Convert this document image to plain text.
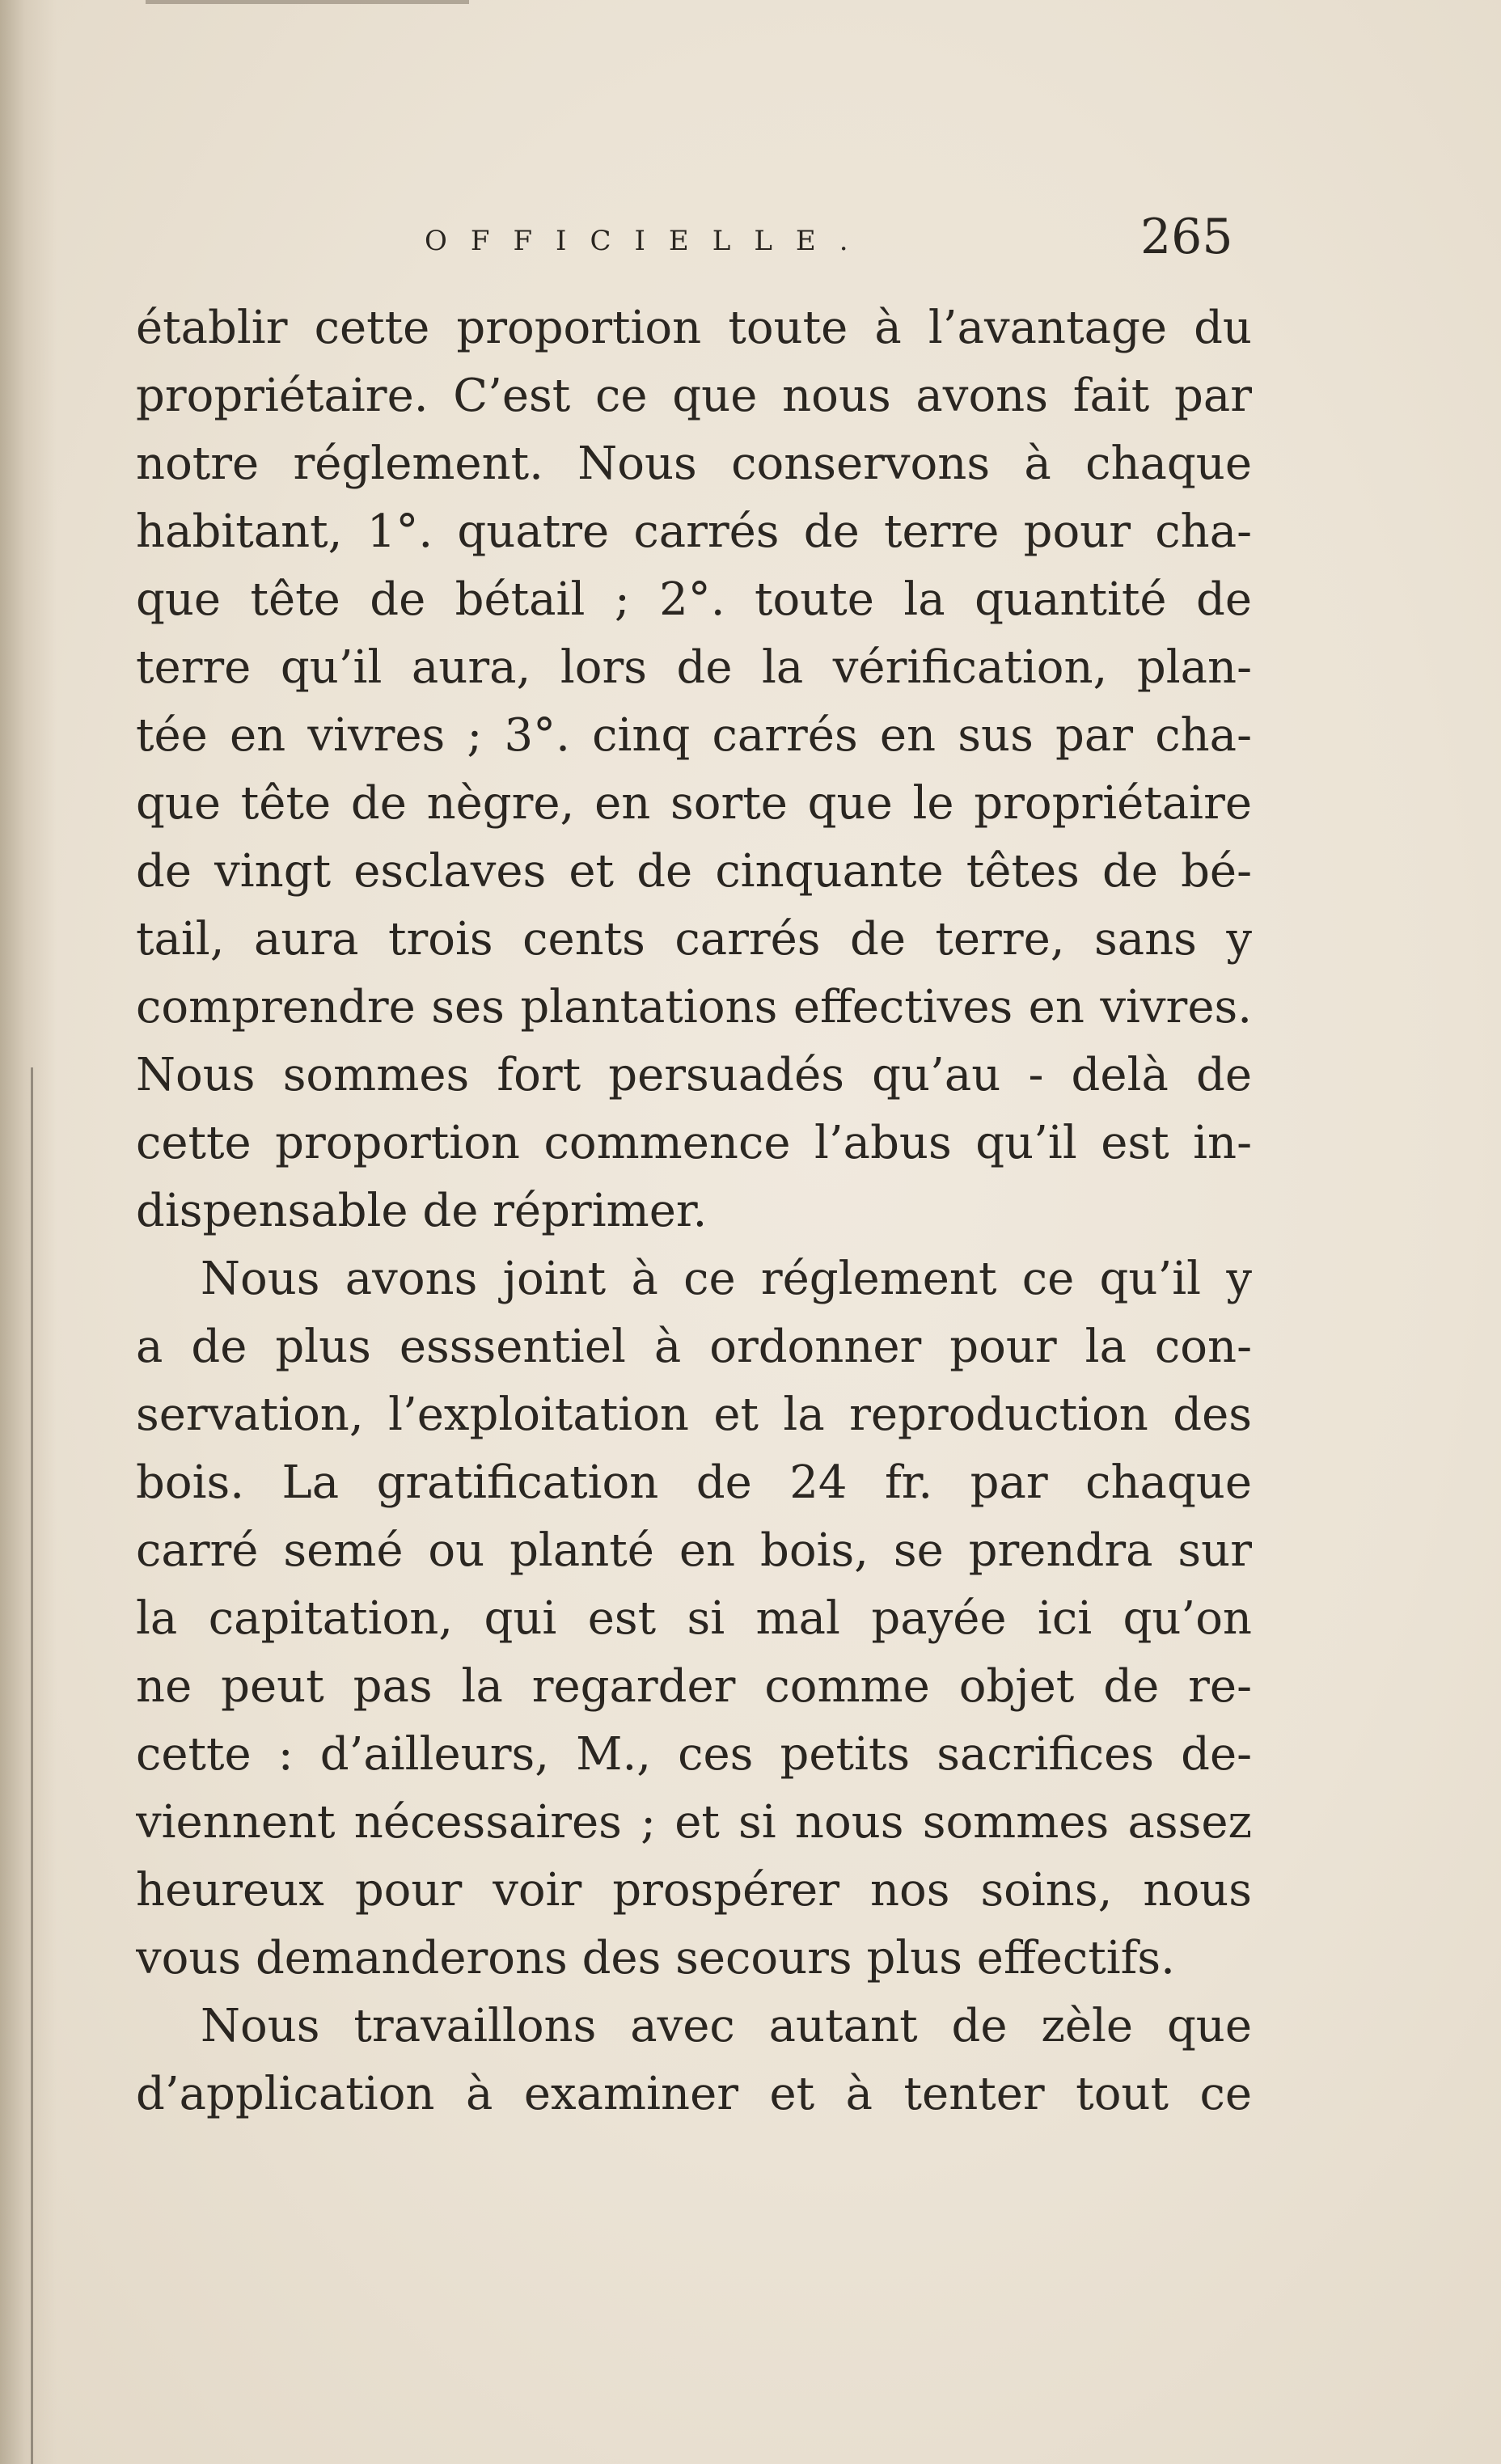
OFFICIELLE.	265
établir cette proportion toute à l’avantage du
propriétaire. C’est ce que nous avons fait par
notre réglement. Nous conservons à chaque
habitant, 1°. quatre carrés de terre pour cha-
que tête de bétail ; 2°. toute la quantité de
terre qu’il aura, lors de la vérification, plan-
tée en vivres ; 3°. cinq carrés en sus par cha-
que tête de nègre, en sorte que le propriétaire
de vingt esclaves et de cinquante têtes de bé-
tail, aura trois cents carrés de terre, sans y
comprendre ses plantations effectives en vivres.
Nous sommes fort persuadés qu’au - delà de
cette proportion commence l’abus qu’il est in-
dispensable de réprimer.
Nous avons joint à ce réglement ce qu’il y
a de plus esssentiel à ordonner pour la con-
servation, l’exploitation et la reproduction des
bois. La gratification de 24 fr. par chaque
carré semé ou planté en bois, se prendra sur
la capitation, qui est si mal payée ici qu’on
ne peut pas la regarder comme objet de re-
cette : d’ailleurs, M., ces petits sacrifices de-
viennent nécessaires ; et si nous sommes assez
heureux pour voir prospérer nos soins, nous
vous demanderons des secours plus effectifs.
Nous travaillons avec autant de zèle que
d’application à examiner et à tenter tout ce
